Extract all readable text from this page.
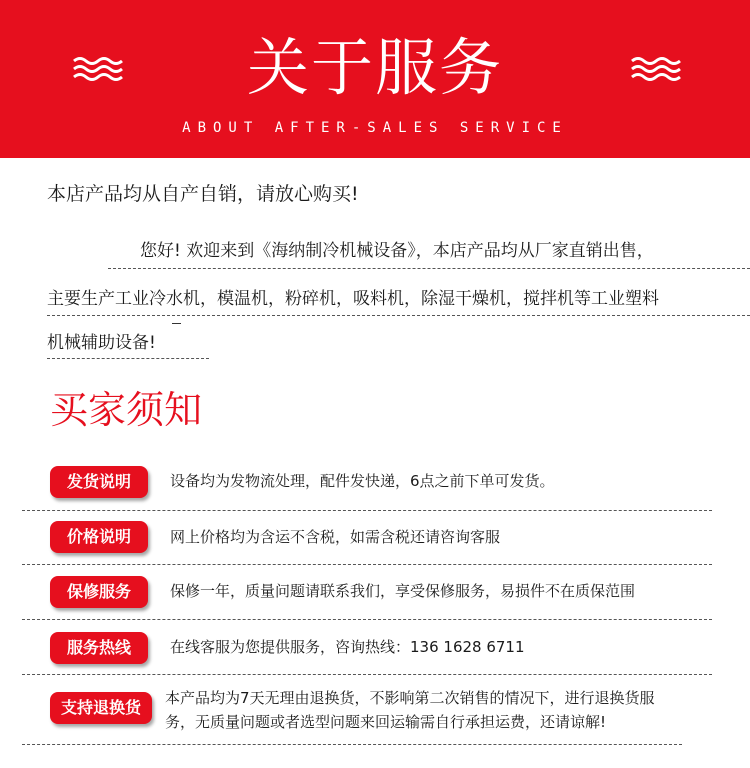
关于服务
ABOUT AFTER-SALES SERVICE
本店产品均从自产自销，请放心购买!
您好! 欢迎来到《海纳制冷机械设备》，本店产品均从厂家直销出售，
主要生产工业冷水机，模温机，粉碎机，吸料机，除湿干燥机，搅拌机等工业塑料
机械辅助设备!
买家须知
发货说明	设备均为发物流处理，配件发快递，6点之前下单可发货。
价格说明	网上价格均为含运不含税，如需含税还请咨询客服
保修服务	保修一年，质量问题请联系我们，享受保修服务，易损件不在质保范围
服务热线	在线客服为您提供服务，咨询热线：136 1628 6711
支持退换货	本产品均为7天无理由退换货，不影响第二次销售的情况下，进行退换货服
务，无质量问题或者选型问题来回运输需自行承担运费，还请谅解!
